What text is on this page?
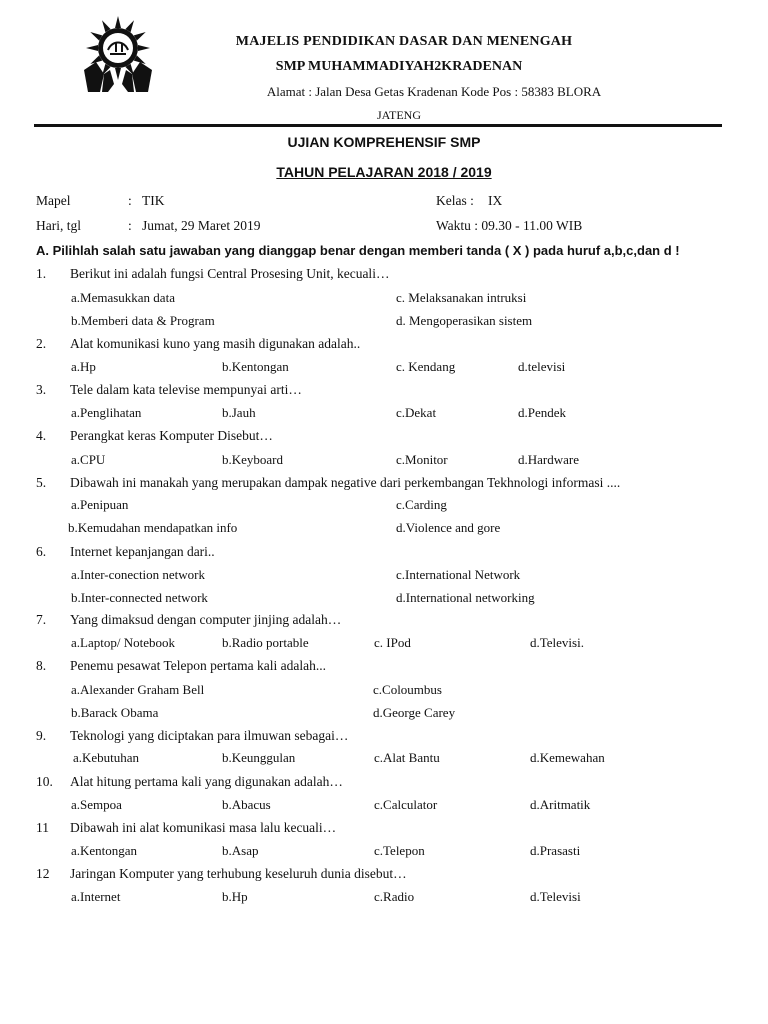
MAJELIS PENDIDIKAN DASAR DAN MENENGAH
SMP MUHAMMADIYAH2KRADENAN
Alamat : Jalan Desa Getas Kradenan Kode Pos : 58383 BLORA
JATENG
UJIAN KOMPREHENSIF SMP
TAHUN PELAJARAN 2018 / 2019
Mapel	: TIK	Kelas : IX
Hari, tgl	: Jumat, 29 Maret 2019	Waktu : 09.30 - 11.00 WIB
A. Pilihlah salah satu jawaban yang dianggap benar dengan memberi tanda ( X ) pada huruf a,b,c,dan d !
1. Berikut ini adalah fungsi Central Prosesing Unit, kecuali…
a.Memasukkan data	c. Melaksanakan intruksi
b.Memberi data & Program	d. Mengoperasikan sistem
2. Alat komunikasi kuno yang masih digunakan adalah..
a.Hp	b.Kentongan	c. Kendang	d.televisi
3. Tele dalam kata televise mempunyai arti…
a.Penglihatan	b.Jauh	c.Dekat	d.Pendek
4. Perangkat keras Komputer Disebut…
a.CPU	b.Keyboard	c.Monitor	d.Hardware
5. Dibawah ini manakah yang merupakan dampak negative dari perkembangan Tekhnologi informasi ....
a.Penipuan	c.Carding
b.Kemudahan mendapatkan info	d.Violence and gore
6. Internet kepanjangan dari..
a.Inter-conection network	c.International Network
b.Inter-connected network	d.International networking
7. Yang dimaksud dengan computer jinjing adalah…
a.Laptop/ Notebook	b.Radio portable	c. IPod	d.Televisi.
8. Penemu pesawat Telepon pertama kali adalah...
a.Alexander Graham Bell	c.Coloumbus
b.Barack Obama	d.George Carey
9. Teknologi yang diciptakan para ilmuwan sebagai…
a.Kebutuhan	b.Keunggulan	c.Alat Bantu	d.Kemewahan
10. Alat hitung pertama kali yang digunakan adalah…
a.Sempoa	b.Abacus	c.Calculator	d.Aritmatik
11 Dibawah ini alat komunikasi masa lalu kecuali…
a.Kentongan	b.Asap	c.Telepon	d.Prasasti
12 Jaringan Komputer yang terhubung keseluruh dunia disebut…
a.Internet	b.Hp	c.Radio	d.Televisi
